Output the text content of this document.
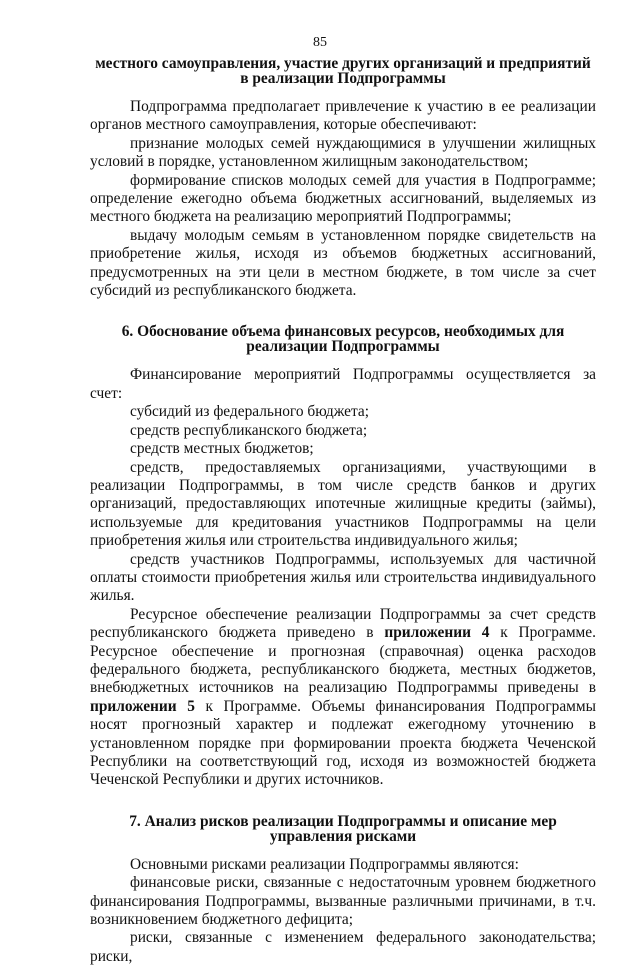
85

местного самоуправления, участие других организаций и предприятий

в реализации Подпрограммы

Подпрограмма предполагает привлечение к участию в ее реализации органов местного самоуправления, которые обеспечивают:

признание молодых семей нуждающимися в улучшении жилищных условий в порядке, установленном жилищным законодательством;

формирование списков молодых семей для участия в Подпрограмме; определение ежегодно объема бюджетных ассигнований, выделяемых из местного бюджета на реализацию мероприятий Подпрограммы;

выдачу молодым семьям в установленном порядке свидетельств на приобретение жилья, исходя из объемов бюджетных ассигнований, предусмотренных на эти цели в местном бюджете, в том числе за счет субсидий из республиканского бюджета.

6. Обоснование объема финансовых ресурсов, необходимых для

реализации Подпрограммы

Финансирование мероприятий Подпрограммы осуществляется за счет:

субсидий из федерального бюджета;

средств республиканского бюджета;

средств местных бюджетов;

средств, предоставляемых организациями, участвующими в реализации Подпрограммы, в том числе средств банков и других организаций, предоставляющих ипотечные жилищные кредиты (займы), используемые для кредитования участников Подпрограммы на цели приобретения жилья или строительства индивидуального жилья;

средств участников Подпрограммы, используемых для частичной оплаты стоимости приобретения жилья или строительства индивидуального жилья.

Ресурсное обеспечение реализации Подпрограммы за счет средств республиканского бюджета приведено в приложении 4 к Программе. Ресурсное обеспечение и прогнозная (справочная) оценка расходов федерального бюджета, республиканского бюджета, местных бюджетов, внебюджетных источников на реализацию Подпрограммы приведены в приложении 5 к Программе. Объемы финансирования Подпрограммы носят прогнозный характер и подлежат ежегодному уточнению в установленном порядке при формировании проекта бюджета Чеченской Республики на соответствующий год, исходя из возможностей бюджета Чеченской Республики и других источников.

7. Анализ рисков реализации Подпрограммы и описание мер

управления рисками

Основными рисками реализации Подпрограммы являются:

финансовые риски, связанные с недостаточным уровнем бюджетного финансирования Подпрограммы, вызванные различными причинами, в т.ч. возникновением бюджетного дефицита;

риски, связанные с изменением федерального законодательства; риски,
